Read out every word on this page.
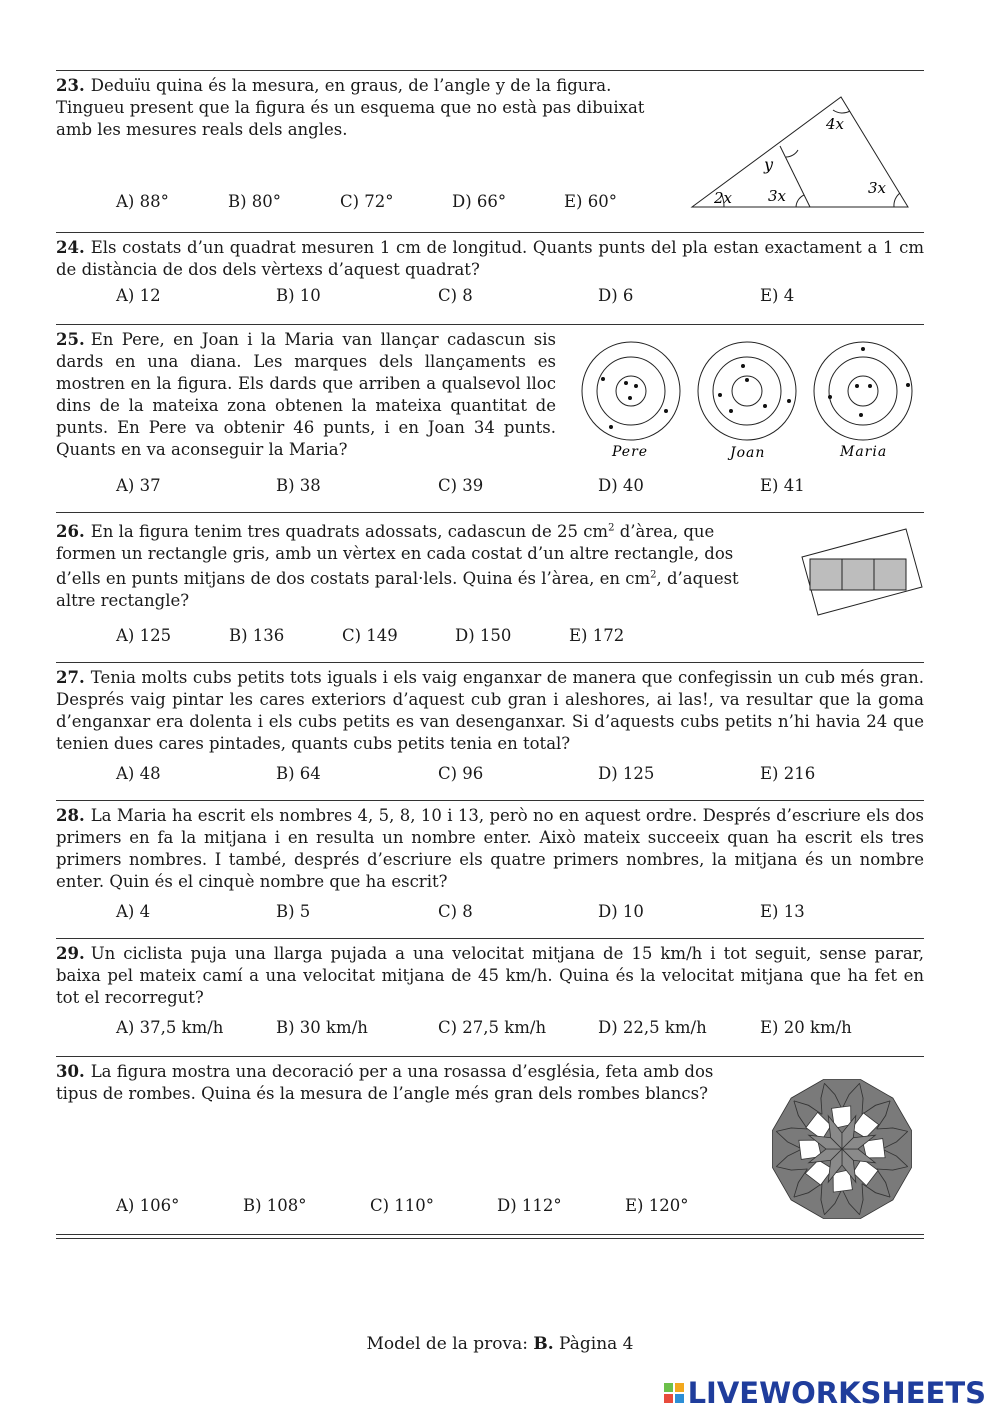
23. Deduïu quina és la mesura, en graus, de l’angle y de la figura. Tingueu present que la figura és un esquema que no està pas dibuixat amb les mesures reals dels angles.
A) 88°	B) 80°	C) 72°	D) 66°	E) 60°
4x
y
2x 3x	3x
24. Els costats d’un quadrat mesuren 1 cm de longitud. Quants punts del pla estan exactament a 1 cm de distància de dos dels vèrtexs d’aquest quadrat?
A) 12	B) 10	C) 8	D) 6	E) 4
25. En Pere, en Joan i la Maria van llançar cadascun sis dards en una diana. Les marques dels llançaments es mostren en la figura. Els dards que arriben a qualsevol lloc dins de la mateixa zona obtenen la mateixa quantitat de punts. En Pere va obtenir 46 punts, i en Joan 34 punts. Quants en va aconseguir la Maria?
A) 37	B) 38	C) 39	D) 40	E) 41
Pere	Joan	Maria
26. En la figura tenim tres quadrats adossats, cadascun de 25 $cm^2$ d’àrea, que formen un rectangle gris, amb un vèrtex en cada costat d’un altre rectangle, dos d’ells en punts mitjans de dos costats paral·lels. Quina és l’àrea, en $cm^2$, d’aquest altre rectangle?
A) 125	B) 136	C) 149	D) 150	E) 172
27. Tenia molts cubs petits tots iguals i els vaig enganxar de manera que confegissin un cub més gran. Després vaig pintar les cares exteriors d’aquest cub gran i aleshores, ai las!, va resultar que la goma d’enganxar era dolenta i els cubs petits es van desenganxar. Si d’aquests cubs petits n’hi havia 24 que tenien dues cares pintades, quants cubs petits tenia en total?
A) 48	B) 64	C) 96	D) 125	E) 216
28. La Maria ha escrit els nombres 4, 5, 8, 10 i 13, però no en aquest ordre. Després d’escriure els dos primers en fa la mitjana i en resulta un nombre enter. Això mateix succeeix quan ha escrit els tres primers nombres. I també, després d’escriure els quatre primers nombres, la mitjana és un nombre enter. Quin és el cinquè nombre que ha escrit?
A) 4	B) 5	C) 8	D) 10	E) 13
29. Un ciclista puja una llarga pujada a una velocitat mitjana de 15 km/h i tot seguit, sense parar, baixa pel mateix camí a una velocitat mitjana de 45 km/h. Quina és la velocitat mitjana que ha fet en tot el recorregut?
A) 37,5 km/h	B) 30 km/h	C) 27,5 km/h	D) 22,5 km/h	E) 20 km/h
30. La figura mostra una decoració per a una rosassa d’església, feta amb dos tipus de rombes. Quina és la mesura de l’angle més gran dels rombes blancs?
A) 106°	B) 108°	C) 110°	D) 112°	E) 120°
Model de la prova: B. Pàgina 4
LIVEWORKSHEETS
